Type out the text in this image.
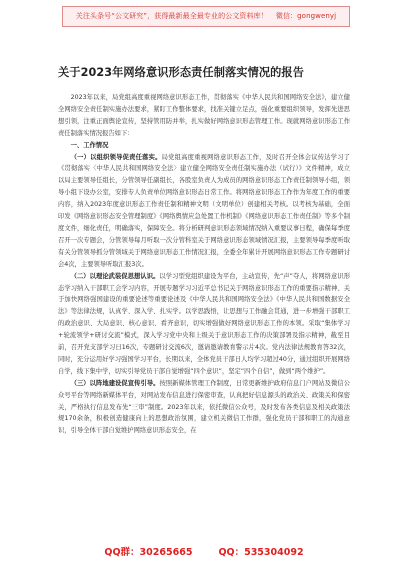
关注头条号“公文研究”，获得最新最全最专业的公文资料库！ 微信：gongwenyj
关于2023年网络意识形态责任制落实情况的报告

2023年以来，局党组高度重视网络意识形态工作，贯彻落实《中华人民共和国网络安全法》，建立健全网络安全责任制实施办法要求，紧盯工作整体要求，找准关键立足点，强化重要组织领导，发挥先进思想引领，注重正面舆论宣传，坚持管用防并举，扎实做好网络意识形态管理工作。现就网络意识形态工作责任制落实情况报告如下：

一、工作情况

（一）以组织领导促责任落实。局党组高度重视网络意识形态工作，及时召开全体会议传达学习了《贯彻落实〈中华人民共和国网络安全法〉建立健全网络安全责任制实施办法（试行）》文件精神，成立以局主要领导任组长，分管领导任副组长，各股室负责人为成员的网络意识形态工作责任制领导小组，领导小组下设办公室，安排专人负责单位网络意识形态日常工作。将网络意识形态工作作为年度工作的重要内容，纳入2023年度意识形态工作责任制和精神文明（文明单位）创建相关考核。以考核为基础，全面印发《网络意识形态安全管理制度》《网络舆情应急处置工作机制》《网络意识形态工作责任制》等多个制度文件，细化责任，明确落实，保障安全。将分析研判意识形态领域情况纳入重要议事日程，确保每季度召开一次专题会，分管领导每月听取一次分管科室关于网络意识形态领域情况汇报，主要领导每季度听取有关分管领导抓分管领域关于网络意识形态工作情况汇报，全委全年累计开展网络意识形态工作专题研讨会4次，主要领导听取汇报3次。

（二）以理论武装促思想认识。以学习型党组织建设为平台，主动宣传，先“声”夺人，将网络意识形态学习纳入干部职工会学习内容，开展专题学习习近平总书记关于网络意识形态工作的重要指示精神、关于加快网络强国建设的重要论述等重要论述及《中华人民共和国网络安全法》《中华人民共和国数据安全法》等法律法规，认真学、深入学、扎实学。以学思践悟，让思想与工作融会贯通，进一步增强干部职工的政治意识、大局意识、核心意识、看齐意识，切实增强做好网络意识形态工作的本领。采取“集体学习+轮流领学+研讨交流”模式，深入学习党中央和上级关于意识形态工作的决策部署及指示精神，截至目前，召开党支部学习日16次，专题研讨交流6次，邀请邀请教育警示片4次。党内法律法规教育答32次，同时，充分运用好学习强国学习平台，长期以来，全体党员干部日人均学习超过40分，通过组织开展网络自学，线下集中学，切实引导党员干部自觉增强“四个意识”，坚定“四个自信”，做到“两个维护”。

（三）以阵地建设促宣传引导。按照新媒体管理工作制度，日常更新维护政府信息门户网站及微信公众号平台等网络新媒体平台，对网站发布信息进行保密审查，认真把好信息源头的政治关、政策关和保密关，严格执行信息发布先“三审”制度。2023年以来，依托微信公众号，及时发布各类信息及相关政策法规170余条，积极创造健康向上的思想政治氛围，建立机关微信工作群，强化党员干部和职工的沟通意识，引导全体干部自觉维护网络意识形态安全，在

QQ群：30265665	QQ：535304092
